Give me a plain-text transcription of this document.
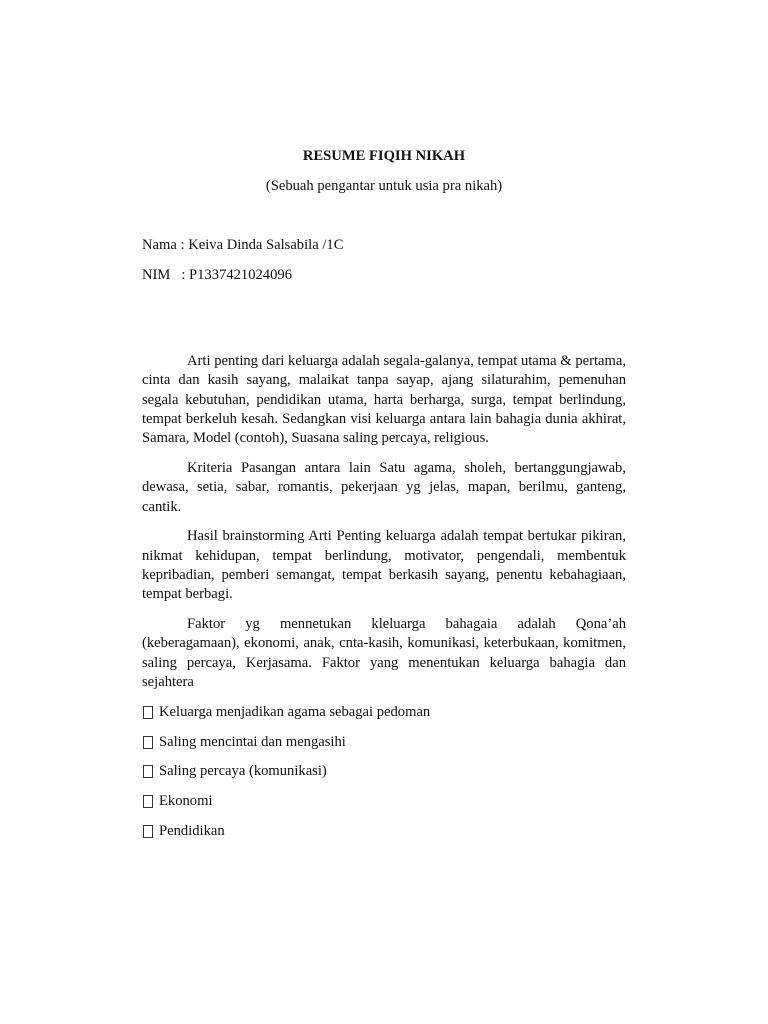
RESUME FIQIH NIKAH
(Sebuah pengantar untuk usia pra nikah)
Nama : Keiva Dinda Salsabila /1C
NIM   : P1337421024096

Arti penting dari keluarga adalah segala-galanya, tempat utama & pertama, cinta dan kasih sayang, malaikat tanpa sayap, ajang silaturahim, pemenuhan segala kebutuhan, pendidikan utama, harta berharga, surga, tempat berlindung, tempat berkeluh kesah. Sedangkan visi keluarga antara lain bahagia dunia akhirat, Samara, Model (contoh), Suasana saling percaya, religious.

Kriteria Pasangan antara lain Satu agama, sholeh, bertanggungjawab, dewasa, setia, sabar, romantis, pekerjaan yg jelas, mapan, berilmu, ganteng, cantik.

Hasil brainstorming Arti Penting keluarga adalah tempat bertukar pikiran, nikmat kehidupan, tempat berlindung, motivator, pengendali, membentuk kepribadian, pemberi semangat, tempat berkasih sayang, penentu kebahagiaan, tempat berbagi.

Faktor yg mennetukan kleluarga bahagaia adalah Qona’ah (keberagamaan), ekonomi, anak, cnta-kasih, komunikasi, keterbukaan, komitmen, saling percaya, Kerjasama. Faktor yang menentukan keluarga bahagia dan sejahtera

Keluarga menjadikan agama sebagai pedoman
Saling mencintai dan mengasihi
Saling percaya (komunikasi)
Ekonomi
Pendidikan
